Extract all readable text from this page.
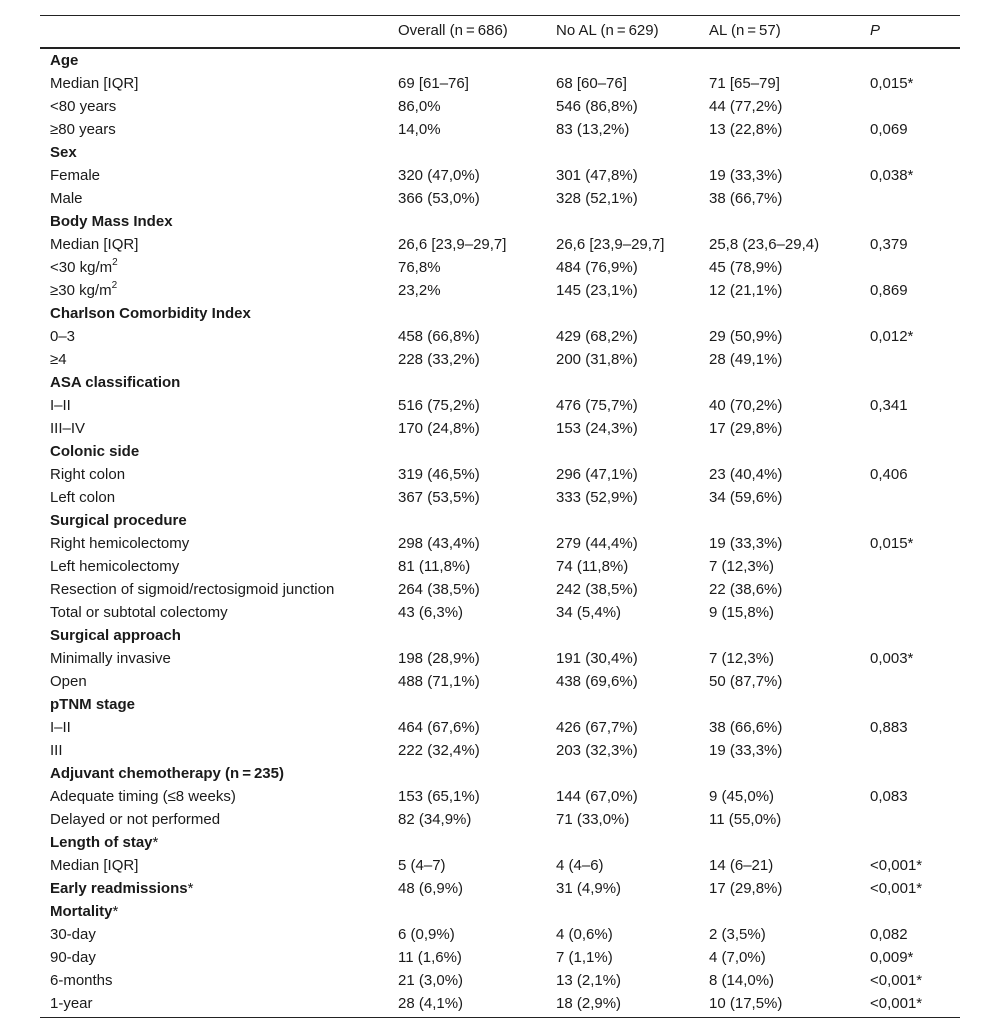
Overall (n = 686)	No AL (n = 629)	AL (n = 57)	P
Age
Median [IQR]	69 [61–76]	68 [60–76]	71 [65–79]	0,015*
<80 years	86,0%	546 (86,8%)	44 (77,2%)
≥80 years	14,0%	83 (13,2%)	13 (22,8%)	0,069
Sex
Female	320 (47,0%)	301 (47,8%)	19 (33,3%)	0,038*
Male	366 (53,0%)	328 (52,1%)	38 (66,7%)
Body Mass Index
Median [IQR]	26,6 [23,9–29,7]	26,6 [23,9–29,7]	25,8 (23,6–29,4)	0,379
<30 $kg/m^2$	76,8%	484 (76,9%)	45 (78,9%)
≥30 $kg/m^2$	23,2%	145 (23,1%)	12 (21,1%)	0,869
Charlson Comorbidity Index
0–3	458 (66,8%)	429 (68,2%)	29 (50,9%)	0,012*
≥4	228 (33,2%)	200 (31,8%)	28 (49,1%)
ASA classification
I–II	516 (75,2%)	476 (75,7%)	40 (70,2%)	0,341
III–IV	170 (24,8%)	153 (24,3%)	17 (29,8%)
Colonic side
Right colon	319 (46,5%)	296 (47,1%)	23 (40,4%)	0,406
Left colon	367 (53,5%)	333 (52,9%)	34 (59,6%)
Surgical procedure
Right hemicolectomy	298 (43,4%)	279 (44,4%)	19 (33,3%)	0,015*
Left hemicolectomy	81 (11,8%)	74 (11,8%)	7 (12,3%)
Resection of sigmoid/rectosigmoid junction	264 (38,5%)	242 (38,5%)	22 (38,6%)
Total or subtotal colectomy	43 (6,3%)	34 (5,4%)	9 (15,8%)
Surgical approach
Minimally invasive	198 (28,9%)	191 (30,4%)	7 (12,3%)	0,003*
Open	488 (71,1%)	438 (69,6%)	50 (87,7%)
pTNM stage
I–II	464 (67,6%)	426 (67,7%)	38 (66,6%)	0,883
III	222 (32,4%)	203 (32,3%)	19 (33,3%)
Adjuvant chemotherapy (n = 235)
Adequate timing (≤8 weeks)	153 (65,1%)	144 (67,0%)	9 (45,0%)	0,083
Delayed or not performed	82 (34,9%)	71 (33,0%)	11 (55,0%)
Length of stay*
Median [IQR]	5 (4–7)	4 (4–6)	14 (6–21)	<0,001*
Early readmissions*	48 (6,9%)	31 (4,9%)	17 (29,8%)	<0,001*
Mortality*
30-day	6 (0,9%)	4 (0,6%)	2 (3,5%)	0,082
90-day	11 (1,6%)	7 (1,1%)	4 (7,0%)	0,009*
6-months	21 (3,0%)	13 (2,1%)	8 (14,0%)	<0,001*
1-year	28 (4,1%)	18 (2,9%)	10 (17,5%)	<0,001*
